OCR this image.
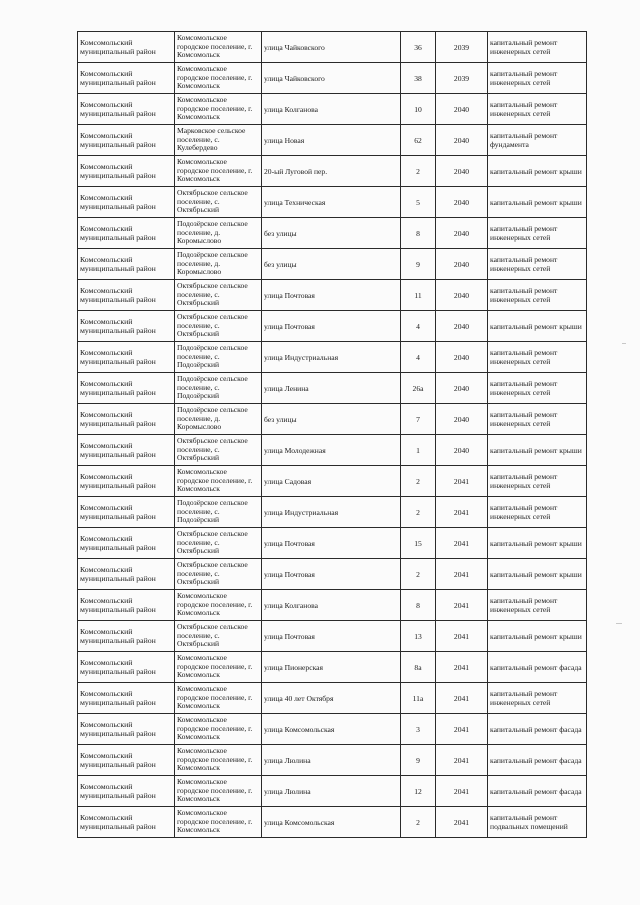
Комсомольский муниципальный район	Комсомольское городское поселение, г. Комсомольск	улица Чайковского	36	2039	капитальный ремонт инженерных сетей
Комсомольский муниципальный район	Комсомольское городское поселение, г. Комсомольск	улица Чайковского	38	2039	капитальный ремонт инженерных сетей
Комсомольский муниципальный район	Комсомольское городское поселение, г. Комсомольск	улица Колганова	10	2040	капитальный ремонт инженерных сетей
Комсомольский муниципальный район	Марковское сельское поселение, с. Кулебердево	улица Новая	62	2040	капитальный ремонт фундамента
Комсомольский муниципальный район	Комсомольское городское поселение, г. Комсомольск	20-ый Луговой пер.	2	2040	капитальный ремонт крыши
Комсомольский муниципальный район	Октябрьское сельское поселение, с. Октябрьский	улица Техническая	5	2040	капитальный ремонт крыши
Комсомольский муниципальный район	Подозёрское сельское поселение, д. Коромыслово	без улицы	8	2040	капитальный ремонт инженерных сетей
Комсомольский муниципальный район	Подозёрское сельское поселение, д. Коромыслово	без улицы	9	2040	капитальный ремонт инженерных сетей
Комсомольский муниципальный район	Октябрьское сельское поселение, с. Октябрьский	улица Почтовая	11	2040	капитальный ремонт инженерных сетей
Комсомольский муниципальный район	Октябрьское сельское поселение, с. Октябрьский	улица Почтовая	4	2040	капитальный ремонт крыши
Комсомольский муниципальный район	Подозёрское сельское поселение, с. Подозёрский	улица Индустриальная	4	2040	капитальный ремонт инженерных сетей
Комсомольский муниципальный район	Подозёрское сельское поселение, с. Подозёрский	улица Ленина	26а	2040	капитальный ремонт инженерных сетей
Комсомольский муниципальный район	Подозёрское сельское поселение, д. Коромыслово	без улицы	7	2040	капитальный ремонт инженерных сетей
Комсомольский муниципальный район	Октябрьское сельское поселение, с. Октябрьский	улица Молодежная	1	2040	капитальный ремонт крыши
Комсомольский муниципальный район	Комсомольское городское поселение, г. Комсомольск	улица Садовая	2	2041	капитальный ремонт инженерных сетей
Комсомольский муниципальный район	Подозёрское сельское поселение, с. Подозёрский	улица Индустриальная	2	2041	капитальный ремонт инженерных сетей
Комсомольский муниципальный район	Октябрьское сельское поселение, с. Октябрьский	улица Почтовая	15	2041	капитальный ремонт крыши
Комсомольский муниципальный район	Октябрьское сельское поселение, с. Октябрьский	улица Почтовая	2	2041	капитальный ремонт крыши
Комсомольский муниципальный район	Комсомольское городское поселение, г. Комсомольск	улица Колганова	8	2041	капитальный ремонт инженерных сетей
Комсомольский муниципальный район	Октябрьское сельское поселение, с. Октябрьский	улица Почтовая	13	2041	капитальный ремонт крыши
Комсомольский муниципальный район	Комсомольское городское поселение, г. Комсомольск	улица Пионерская	8а	2041	капитальный ремонт фасада
Комсомольский муниципальный район	Комсомольское городское поселение, г. Комсомольск	улица 40 лет Октября	11а	2041	капитальный ремонт инженерных сетей
Комсомольский муниципальный район	Комсомольское городское поселение, г. Комсомольск	улица Комсомольская	3	2041	капитальный ремонт фасада
Комсомольский муниципальный район	Комсомольское городское поселение, г. Комсомольск	улица Люлина	9	2041	капитальный ремонт фасада
Комсомольский муниципальный район	Комсомольское городское поселение, г. Комсомольск	улица Люлина	12	2041	капитальный ремонт фасада
Комсомольский муниципальный район	Комсомольское городское поселение, г. Комсомольск	улица Комсомольская	2	2041	капитальный ремонт подвальных помещений
